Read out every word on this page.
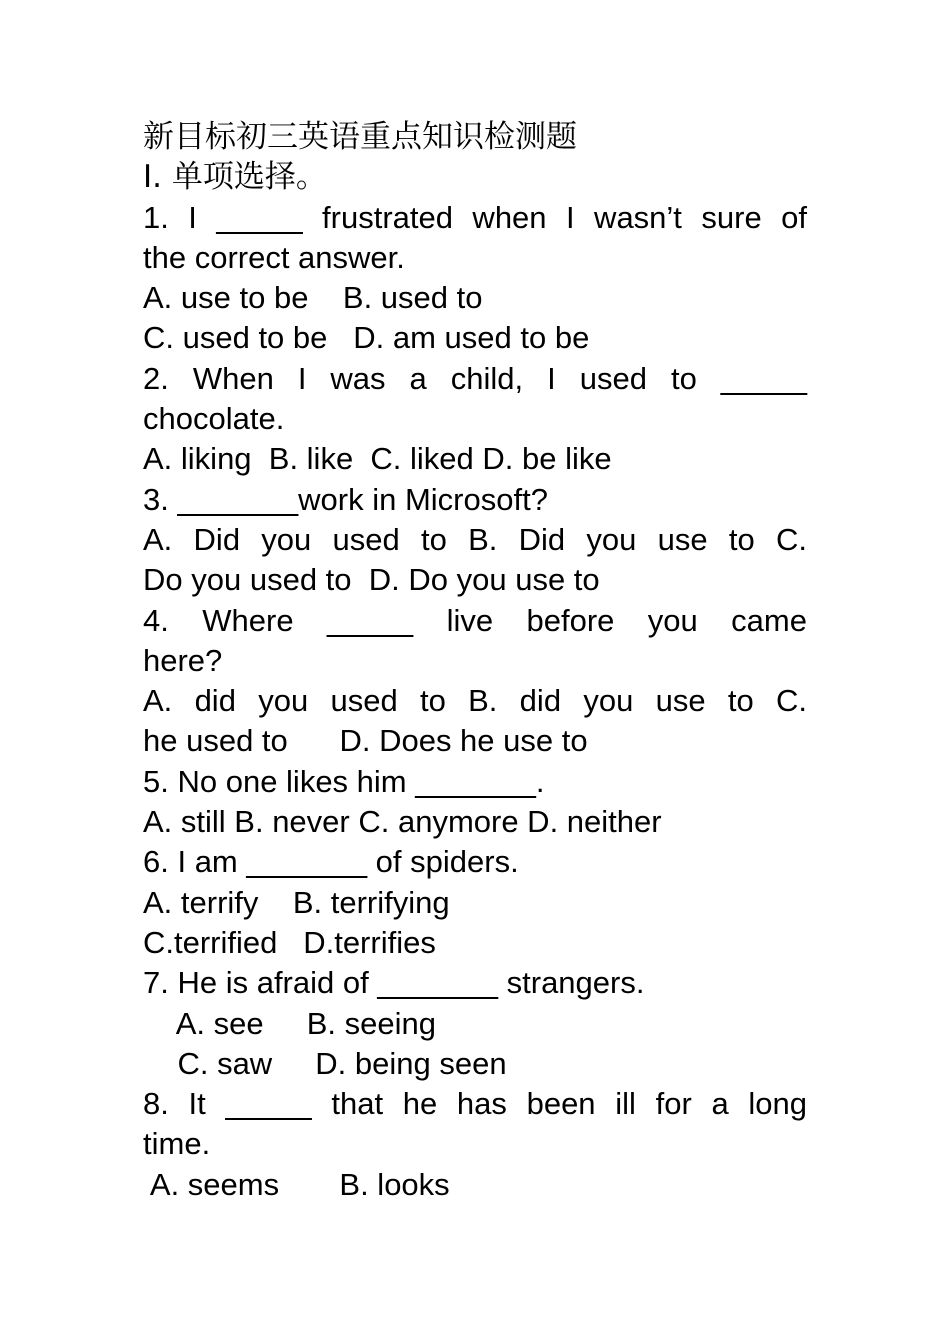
新目标初三英语重点知识检测题
I. 单项选择。
1. I _____ frustrated when I wasn’t sure of
the correct answer.
A. use to be    B. used to
C. used to be   D. am used to be
2. When I was a child, I used to _____
chocolate.
A. liking  B. like  C. liked D. be like
3. _______work in Microsoft?
A. Did you used to B. Did you use to C.
Do you used to  D. Do you use to
4. Where _____ live before you came
here?
A. did you used to B. did you use to C.
he used to      D. Does he use to
5. No one likes him _______.
A. still B. never C. anymore D. neither
6. I am _______ of spiders.
A. terrify    B. terrifying
C.terrified   D.terrifies
7. He is afraid of _______ strangers.
A. see     B. seeing
C. saw     D. being seen
8. It _____ that he has been ill for a long
time.
A. seems       B. looks
